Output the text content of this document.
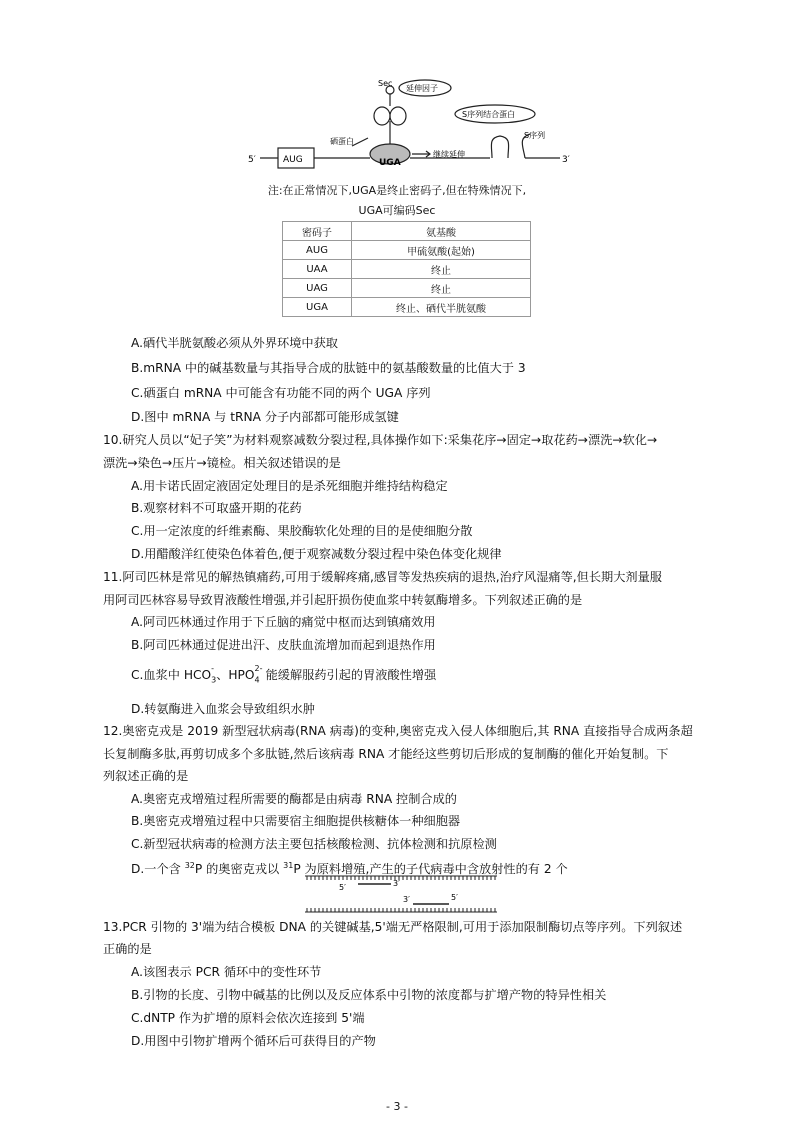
Sec
延伸因子
S序列结合蛋白
硒蛋白
S序列
5′	3′
AUG	UGA
继续延伸
注:在正常情况下,UGA是终止密码子,但在特殊情况下,
UGA可编码Sec
密码子	氨基酸
AUG	甲硫氨酸(起始)
UAA	终止
UAG	终止
UGA	终止、硒代半胱氨酸
A.硒代半胱氨酸必须从外界环境中获取
B.mRNA 中的碱基数量与其指导合成的肽链中的氨基酸数量的比值大于 3
C.硒蛋白 mRNA 中可能含有功能不同的两个 UGA 序列
D.图中 mRNA 与 tRNA 分子内部都可能形成氢键
10.研究人员以“妃子笑”为材料观察减数分裂过程,具体操作如下:采集花序→固定→取花药→漂洗→软化→
漂洗→染色→压片→镜检。相关叙述错误的是
A.用卡诺氏固定液固定处理目的是杀死细胞并维持结构稳定
B.观察材料不可取盛开期的花药
C.用一定浓度的纤维素酶、果胶酶软化处理的目的是使细胞分散
D.用醋酸洋红使染色体着色,便于观察减数分裂过程中染色体变化规律
11.阿司匹林是常见的解热镇痛药,可用于缓解疼痛,感冒等发热疾病的退热,治疗风湿痛等,但长期大剂量服
用阿司匹林容易导致胃液酸性增强,并引起肝损伤使血浆中转氨酶增多。下列叙述正确的是
A.阿司匹林通过作用于下丘脑的痛觉中枢而达到镇痛效用
B.阿司匹林通过促进出汗、皮肤血流增加而起到退热作用
C.血浆中 $HCO_3$
- 、$HPO_4$
2- 能缓解服药引起的胃液酸性增强
D.转氨酶进入血浆会导致组织水肿
12.奥密克戎是 2019 新型冠状病毒(RNA 病毒)的变种,奥密克戎入侵人体细胞后,其 RNA 直接指导合成两条超
长复制酶多肽,再剪切成多个多肽链,然后该病毒 RNA 才能经这些剪切后形成的复制酶的催化开始复制。下
列叙述正确的是
A.奥密克戎增殖过程所需要的酶都是由病毒 RNA 控制合成的
B.奥密克戎增殖过程中只需要宿主细胞提供核糖体一种细胞器
C.新型冠状病毒的检测方法主要包括核酸检测、抗体检测和抗原检测
D.一个含 $^{32}$P 的奥密克戎以 $^{31}$P 为原料增殖,产生的子代病毒中含放射性的有 2 个
5′	3′
3′	5′
13.PCR 引物的 3'端为结合模板 DNA 的关键碱基,5'端无严格限制,可用于添加限制酶切点等序列。下列叙述
正确的是
A.该图表示 PCR 循环中的变性环节
B.引物的长度、引物中碱基的比例以及反应体系中引物的浓度都与扩增产物的特异性相关
C.dNTP 作为扩增的原料会依次连接到 5'端
D.用图中引物扩增两个循环后可获得目的产物
- 3 -
